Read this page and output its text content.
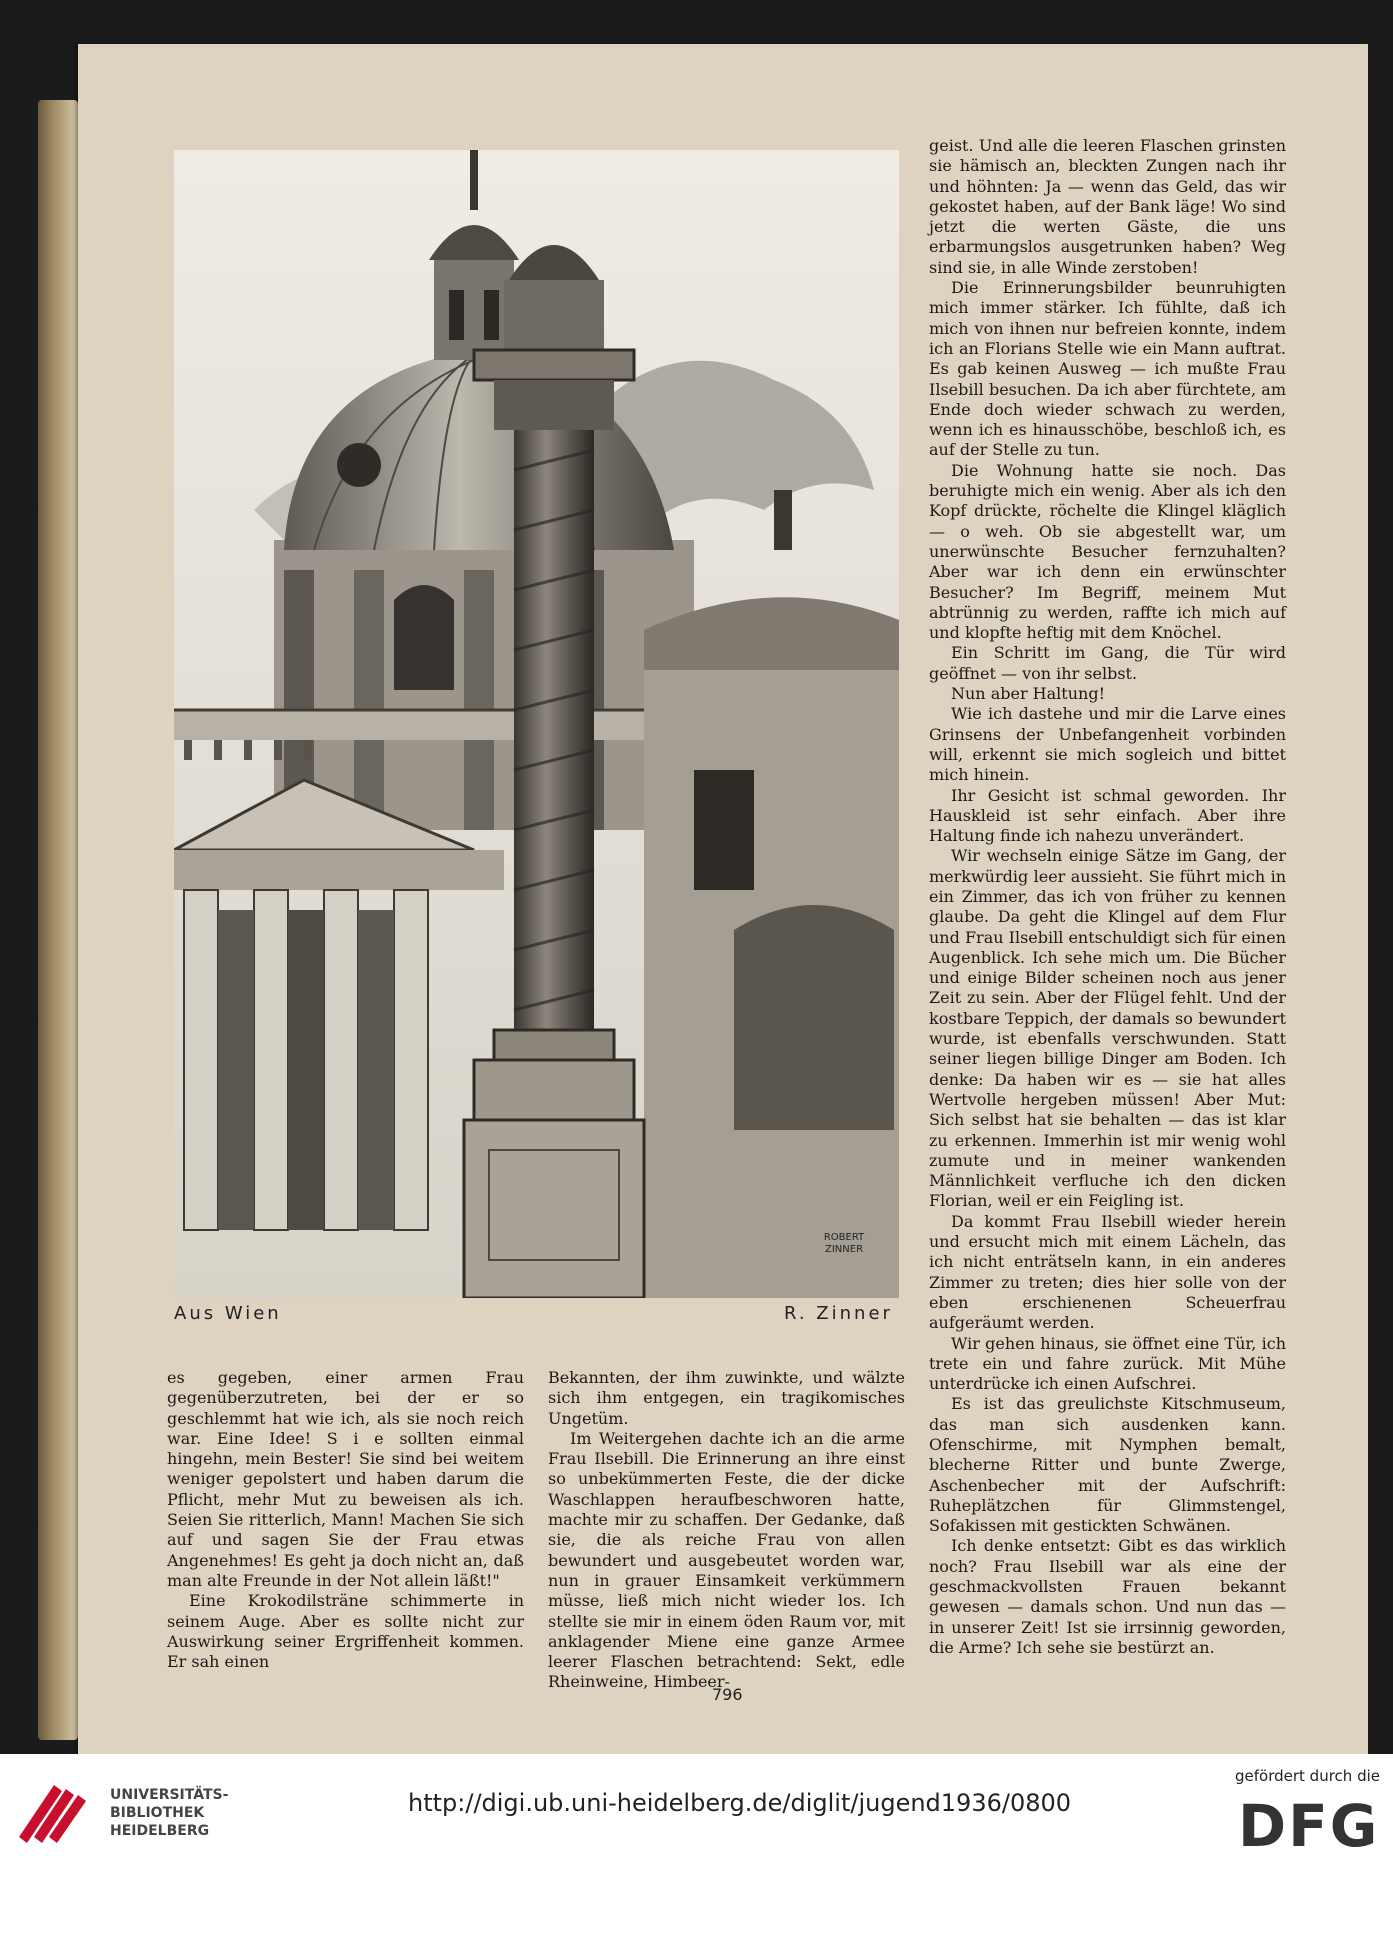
ROBERT
ZINNER
Aus Wien	R. Zinner

es gegeben, einer armen Frau gegenüberzutreten, bei der er so geschlemmt hat wie ich, als sie noch reich war. Eine Idee! S i e sollten einmal hingehn, mein Bester! Sie sind bei weitem weniger gepolstert und haben darum die Pflicht, mehr Mut zu beweisen als ich. Seien Sie ritterlich, Mann! Machen Sie sich auf und sagen Sie der Frau etwas Angenehmes! Es geht ja doch nicht an, daß man alte Freunde in der Not allein läßt!"

Eine Krokodilsträne schimmerte in seinem Auge. Aber es sollte nicht zur Auswirkung seiner Ergriffenheit kommen. Er sah einen

Bekannten, der ihm zuwinkte, und wälzte sich ihm entgegen, ein tragikomisches Ungetüm.

Im Weitergehen dachte ich an die arme Frau Ilsebill. Die Erinnerung an ihre einst so unbekümmerten Feste, die der dicke Waschlappen heraufbeschworen hatte, machte mir zu schaffen. Der Gedanke, daß sie, die als reiche Frau von allen bewundert und ausgebeutet worden war, nun in grauer Einsamkeit verkümmern müsse, ließ mich nicht wieder los. Ich stellte sie mir in einem öden Raum vor, mit anklagender Miene eine ganze Armee leerer Flaschen betrachtend: Sekt, edle Rheinweine, Himbeer-

geist. Und alle die leeren Flaschen grinsten sie hämisch an, bleckten Zungen nach ihr und höhnten: Ja — wenn das Geld, das wir gekostet haben, auf der Bank läge! Wo sind jetzt die werten Gäste, die uns erbarmungslos ausgetrunken haben? Weg sind sie, in alle Winde zerstoben!

Die Erinnerungsbilder beunruhigten mich immer stärker. Ich fühlte, daß ich mich von ihnen nur befreien konnte, indem ich an Florians Stelle wie ein Mann auftrat. Es gab keinen Ausweg — ich mußte Frau Ilsebill besuchen. Da ich aber fürchtete, am Ende doch wieder schwach zu werden, wenn ich es hinausschöbe, beschloß ich, es auf der Stelle zu tun.

Die Wohnung hatte sie noch. Das beruhigte mich ein wenig. Aber als ich den Kopf drückte, röchelte die Klingel kläglich — o weh. Ob sie abgestellt war, um unerwünschte Besucher fernzuhalten? Aber war ich denn ein erwünschter Besucher? Im Begriff, meinem Mut abtrünnig zu werden, raffte ich mich auf und klopfte heftig mit dem Knöchel.

Ein Schritt im Gang, die Tür wird geöffnet — von ihr selbst.

Nun aber Haltung!

Wie ich dastehe und mir die Larve eines Grinsens der Unbefangenheit vorbinden will, erkennt sie mich sogleich und bittet mich hinein.

Ihr Gesicht ist schmal geworden. Ihr Hauskleid ist sehr einfach. Aber ihre Haltung finde ich nahezu unverändert.

Wir wechseln einige Sätze im Gang, der merkwürdig leer aussieht. Sie führt mich in ein Zimmer, das ich von früher zu kennen glaube. Da geht die Klingel auf dem Flur und Frau Ilsebill entschuldigt sich für einen Augenblick. Ich sehe mich um. Die Bücher und einige Bilder scheinen noch aus jener Zeit zu sein. Aber der Flügel fehlt. Und der kostbare Teppich, der damals so bewundert wurde, ist ebenfalls verschwunden. Statt seiner liegen billige Dinger am Boden. Ich denke: Da haben wir es — sie hat alles Wertvolle hergeben müssen! Aber Mut: Sich selbst hat sie behalten — das ist klar zu erkennen. Immerhin ist mir wenig wohl zumute und in meiner wankenden Männlichkeit verfluche ich den dicken Florian, weil er ein Feigling ist.

Da kommt Frau Ilsebill wieder herein und ersucht mich mit einem Lächeln, das ich nicht enträtseln kann, in ein anderes Zimmer zu treten; dies hier solle von der eben erschienenen Scheuerfrau aufgeräumt werden.

Wir gehen hinaus, sie öffnet eine Tür, ich trete ein und fahre zurück. Mit Mühe unterdrücke ich einen Aufschrei.

Es ist das greulichste Kitschmuseum, das man sich ausdenken kann. Ofenschirme, mit Nymphen bemalt, blecherne Ritter und bunte Zwerge, Aschenbecher mit der Aufschrift: Ruheplätzchen für Glimmstengel, Sofakissen mit gestickten Schwänen.

Ich denke entsetzt: Gibt es das wirklich noch? Frau Ilsebill war als eine der geschmackvollsten Frauen bekannt gewesen — damals schon. Und nun das — in unserer Zeit! Ist sie irrsinnig geworden, die Arme? Ich sehe sie bestürzt an.

796
UNIVERSITÄTS-
BIBLIOTHEK
HEIDELBERG
http://digi.ub.uni-heidelberg.de/diglit/jugend1936/0800
gefördert durch die
DFG
